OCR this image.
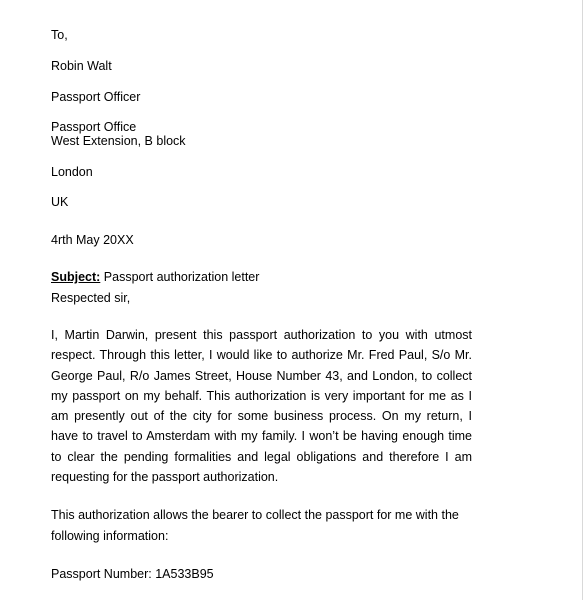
To,
Robin Walt
Passport Officer
Passport Office
West Extension, B block
London
UK
4rth May 20XX
Subject: Passport authorization letter
Respected sir,
I, Martin Darwin, present this passport authorization to you with utmost respect. Through this letter, I would like to authorize Mr. Fred Paul, S/o Mr. George Paul, R/o James Street, House Number 43, and London, to collect my passport on my behalf. This authorization is very important for me as I am presently out of the city for some business process. On my return, I have to travel to Amsterdam with my family. I won’t be having enough time to clear the pending formalities and legal obligations and therefore I am requesting for the passport authorization.
This authorization allows the bearer to collect the passport for me with the
following information:
Passport Number: 1A533B95
